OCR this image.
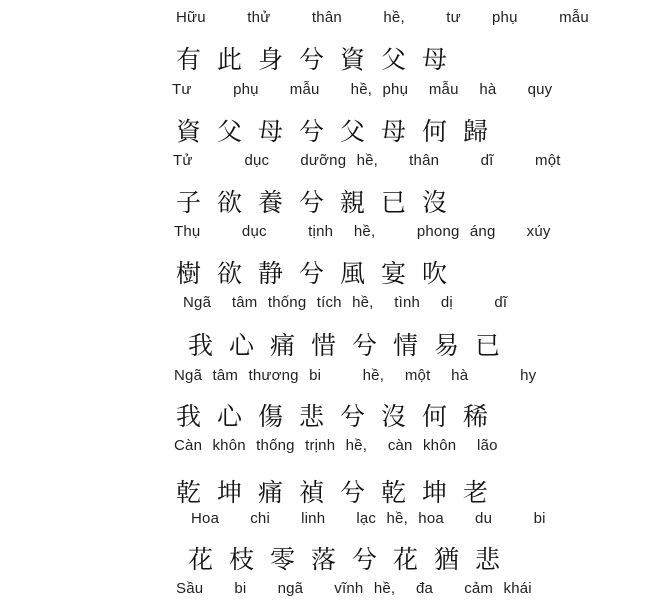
Hữu    thử    thân    hề,    tư   phụ    mẫu
有此身兮資父母
Tư    phụ   mẫu   hề, phụ  mẫu  hà   quy
資父母兮父母何歸
Tử     dục   dưỡng hề,   thân    dĩ    một
子欲養兮親已沒
Thụ    dục    tịnh  hề,    phong áng   xúy
樹欲静兮風宴吹
Ngã  tâm thống tích hề,  tình  dị    dĩ
我心痛惜兮情易已
Ngã tâm thương bi    hề,  một  hà     hy
我心傷悲兮沒何稀
Càn khôn thống trịnh hề,  càn khôn  lão
乾坤痛禎兮乾坤老
Hoa   chi   linh   lạc hề, hoa   du    bi
花枝零落兮花猶悲
Sầu   bi   ngã   vĩnh hề,  đa   cảm khái
